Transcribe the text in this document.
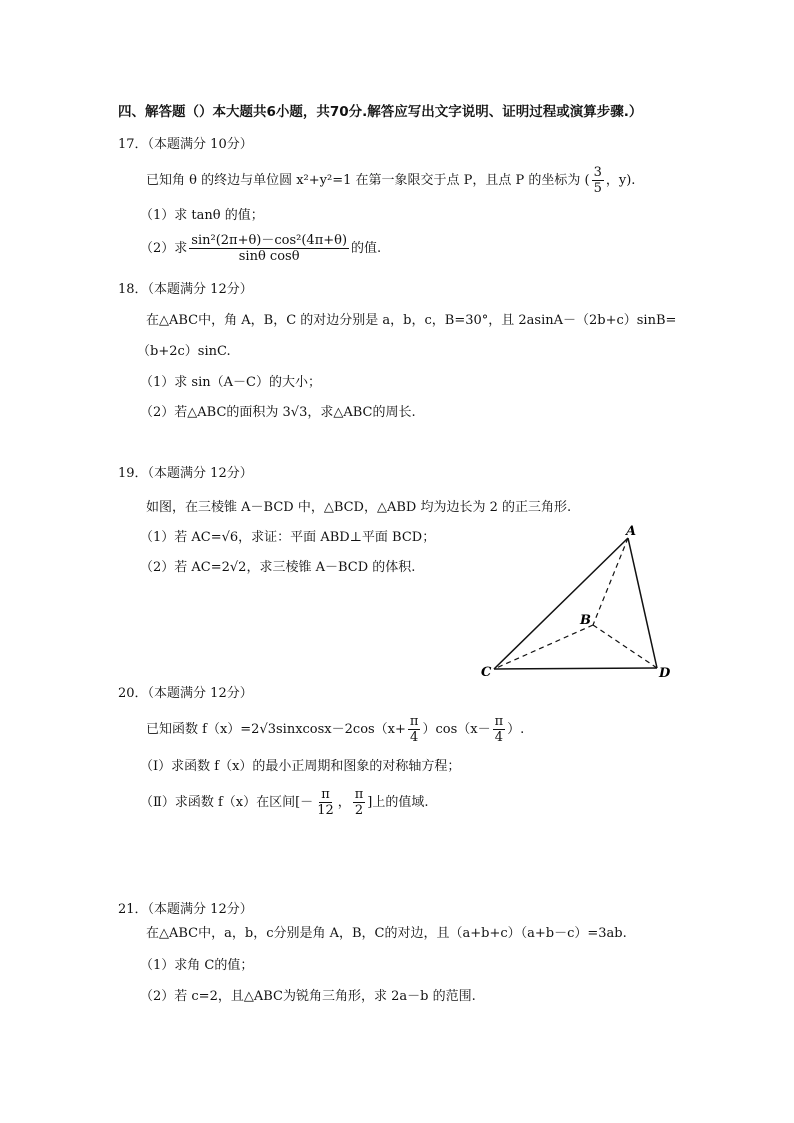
四、解答题（）本大题共6小题，共70分.解答应写出文字说明、证明过程或演算步骤.）
17．（本题满分 10分）
已知角 θ 的终边与单位圆 x²+y²=1 在第一象限交于点 P，且点 P 的坐标为 ( $\frac{3}{5}$ ，y).
（1）求 tanθ 的值；
（2）求 $\frac{\text{sin²(2π+θ)－cos²(4π+θ)}}{\text{sinθ cosθ}}$ 的值.
18．（本题满分 12分）
在△ABC中，角 A，B，C 的对边分别是 a，b，c，B=30°，且 2asinA－（2b+c）sinB=
（b+2c）sinC.
（1）求 sin（A－C）的大小；
（2）若△ABC的面积为 3√3，求△ABC的周长.
19．（本题满分 12分）
如图，在三棱锥 A－BCD 中，△BCD，△ABD 均为边长为 2 的正三角形.
（1）若 AC=√6，求证：平面 ABD⊥平面 BCD；
（2）若 AC=2√2，求三棱锥 A－BCD 的体积.
A
B
C	D
20．（本题满分 12分）
已知函数 f（x）=2√3sinxcosx－2cos（x+ $\frac{\pi}{4} )\cos(x- \frac{\pi}{4}$ ）.
（Ⅰ）求函数 f（x）的最小正周期和图象的对称轴方程；
（Ⅱ）求函数 f（x）在区间[－ $\frac{\pi}{12}$ ， $\frac{\pi}{2}$ ]上的值域.
21．（本题满分 12分）
在△ABC中，a，b，c分别是角 A，B，C的对边，且（a+b+c）（a+b－c）=3ab.
（1）求角 C的值；
（2）若 c=2，且△ABC为锐角三角形，求 2a－b 的范围.
